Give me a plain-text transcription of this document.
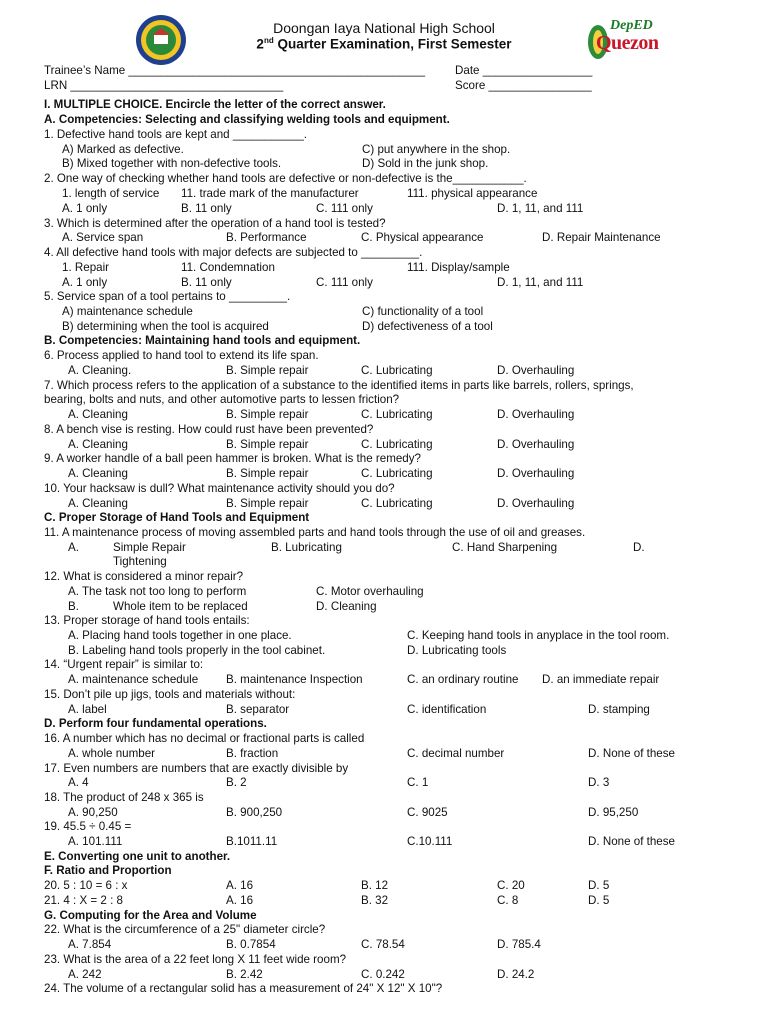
Doongan Iaya National High School
2nd Quarter Examination, First Semester
DepED
Quezon
Trainee’s Name ______________________________________________	Date _________________
LRN _________________________________	Score ________________
I. MULTIPLE CHOICE. Encircle the letter of the correct answer.
A. Competencies: Selecting and classifying welding tools and equipment.
1. Defective hand tools are kept and ___________.
A) Marked as defective.	C) put anywhere in the shop.
B) Mixed together with non-defective tools.	D) Sold in the junk shop.
2. One way of checking whether hand tools are defective or non-defective is the___________.
1. length of service 11. trade mark of the manufacturer	111. physical appearance
A. 1 only	B. 11 only	C. 111 only	D. 1, 11, and 111
3. Which is determined after the operation of a hand tool is tested?
A. Service span	B. Performance	C. Physical appearance	D. Repair Maintenance
4. All defective hand tools with major defects are subjected to _________.
1. Repair	11. Condemnation	111. Display/sample
A. 1 only	B. 11 only	C. 111 only	D. 1, 11, and 111
5. Service span of a tool pertains to _________.
A) maintenance schedule	C) functionality of a tool
B) determining when the tool is acquired	D) defectiveness of a tool
B. Competencies: Maintaining hand tools and equipment.
6. Process applied to hand tool to extend its life span.
A. Cleaning.	B. Simple repair	C. Lubricating	D. Overhauling
7. Which process refers to the application of a substance to the identified items in parts like barrels, rollers, springs,
bearing, bolts and nuts, and other automotive parts to lessen friction?
A. Cleaning	B. Simple repair	C. Lubricating	D. Overhauling
8. A bench vise is resting. How could rust have been prevented?
A. Cleaning	B. Simple repair	C. Lubricating	D. Overhauling
9. A worker handle of a ball peen hammer is broken. What is the remedy?
A. Cleaning	B. Simple repair	C. Lubricating	D. Overhauling
10. Your hacksaw is dull? What maintenance activity should you do?
A. Cleaning	B. Simple repair	C. Lubricating	D. Overhauling
C. Proper Storage of Hand Tools and Equipment
11. A maintenance process of moving assembled parts and hand tools through the use of oil and greases.
A.	Simple Repair	B. Lubricating	C. Hand Sharpening	D.
Tightening
12. What is considered a minor repair?
A. The task not too long to perform	C. Motor overhauling
B.	Whole item to be replaced	D. Cleaning
13. Proper storage of hand tools entails:
A. Placing hand tools together in one place.	C. Keeping hand tools in anyplace in the tool room.
B. Labeling hand tools properly in the tool cabinet.	D. Lubricating tools
14. “Urgent repair” is similar to:
A. maintenance schedule B. maintenance Inspection	C. an ordinary routine D. an immediate repair
15. Don’t pile up jigs, tools and materials without:
A. label	B. separator	C. identification	D. stamping
D. Perform four fundamental operations.
16. A number which has no decimal or fractional parts is called
A. whole number	B. fraction	C. decimal number	D. None of these
17. Even numbers are numbers that are exactly divisible by
A. 4	B. 2	C. 1	D. 3
18. The product of 248 x 365 is
A. 90,250	B. 900,250	C. 9025	D. 95,250
19. 45.5 ÷ 0.45 =
A. 101.111	B.1011.11	C.10.111	D. None of these
E. Converting one unit to another.
F. Ratio and Proportion
20. 5 : 10 = 6 : x	A. 16	B. 12	C. 20	D. 5
21. 4 : X = 2 : 8	A. 16	B. 32	C. 8	D. 5
G. Computing for the Area and Volume
22. What is the circumference of a 25" diameter circle?
A. 7.854	B. 0.7854	C. 78.54	D. 785.4
23. What is the area of a 22 feet long X 11 feet wide room?
A. 242	B. 2.42	C. 0.242	D. 24.2
24. The volume of a rectangular solid has a measurement of 24" X 12" X 10"?
